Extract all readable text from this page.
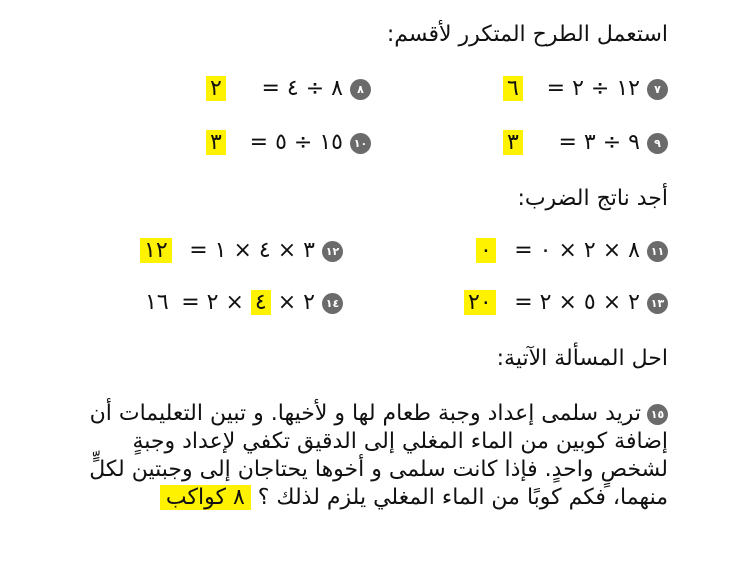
استعمل الطرح المتكرر لأقسم:
٧ ١٢ ÷ ٢ =
٦
٨ ٨ ÷ ٤ =
٢
٩ ٩ ÷ ٣ =
٣
١٠ ١٥ ÷ ٥ =
٣
أجد ناتج الضرب:
١١ ٨ × ٢ × ٠ =
٠
١٢ ٣ × ٤ × ١ =
١٢
١٣ ٢ × ٥ × ٢ =
٢٠
١٤ ٢ × ٤ × ٢ =
١٦
احل المسألة الآتية:
١٥تريد سلمى إعداد وجبة طعام لها و لأخيها. و تبين التعليمات أن إضافة كوبين من الماء المغلي إلى الدقيق تكفي لإعداد وجبةٍ لشخصٍ واحدٍ. فإذا كانت سلمى و أخوها يحتاجان إلى وجبتين لكلٍّ منهما، فكم كوبًا من الماء المغلي يلزم لذلك ؟ ٨ كواكب
